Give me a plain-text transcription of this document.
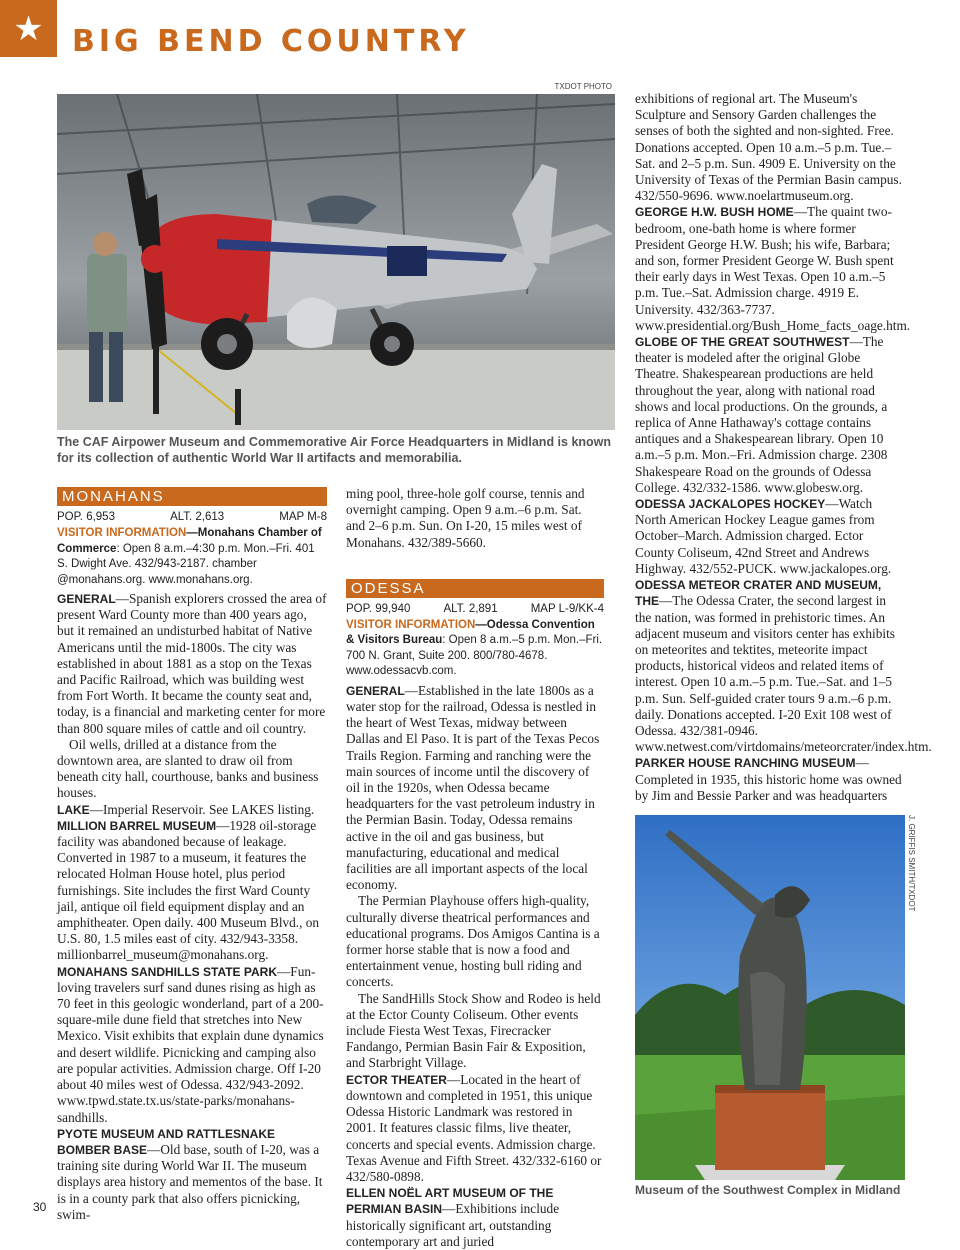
★ BIG BEND COUNTRY
TXDOT PHOTO
The CAF Airpower Museum and Commemorative Air Force Headquarters in Midland is known for its collection of authentic World War II artifacts and memorabilia.
MONAHANS
POP. 6,953	ALT. 2,613	MAP M-8
VISITOR INFORMATION—Monahans Chamber of Commerce: Open 8 a.m.–4:30 p.m. Mon.–Fri. 401 S. Dwight Ave. 432/943-2187. chamber @monahans.org. www.monahans.org.

GENERAL—Spanish explorers crossed the area of present Ward County more than 400 years ago, but it remained an undisturbed habitat of Native Americans until the mid-1800s. The city was established in about 1881 as a stop on the Texas and Pacific Railroad, which was building west from Fort Worth. It became the county seat and, today, is a financial and marketing center for more than 800 square miles of cattle and oil country.

Oil wells, drilled at a distance from the downtown area, are slanted to draw oil from beneath city hall, courthouse, banks and business houses.

LAKE—Imperial Reservoir. See LAKES listing.

MILLION BARREL MUSEUM—1928 oil-storage facility was abandoned because of leakage. Converted in 1987 to a museum, it features the relocated Holman House hotel, plus period furnishings. Site includes the first Ward County jail, antique oil field equipment display and an amphitheater. Open daily. 400 Museum Blvd., on U.S. 80, 1.5 miles east of city. 432/943-3358. millionbarrel_museum@monahans.org.

MONAHANS SANDHILLS STATE PARK—Fun-loving travelers surf sand dunes rising as high as 70 feet in this geologic wonderland, part of a 200-square-mile dune field that stretches into New Mexico. Visit exhibits that explain dune dynamics and desert wildlife. Picnicking and camping also are popular activities. Admission charge. Off I-20 about 40 miles west of Odessa. 432/943-2092. www.tpwd.state.tx.us/state-parks/monahans-sandhills.

PYOTE MUSEUM AND RATTLESNAKE BOMBER BASE—Old base, south of I-20, was a training site during World War II. The museum displays area history and mementos of the base. It is in a county park that also offers picnicking, swim-

ming pool, three-hole golf course, tennis and overnight camping. Open 9 a.m.–6 p.m. Sat. and 2–6 p.m. Sun. On I-20, 15 miles west of Monahans. 432/389-5660.

ODESSA
POP. 99,940	ALT. 2,891	MAP L-9/KK-4
VISITOR INFORMATION—Odessa Convention & Visitors Bureau: Open 8 a.m.–5 p.m. Mon.–Fri. 700 N. Grant, Suite 200. 800/780-4678. www.odessacvb.com.

GENERAL—Established in the late 1800s as a water stop for the railroad, Odessa is nestled in the heart of West Texas, midway between Dallas and El Paso. It is part of the Texas Pecos Trails Region. Farming and ranching were the main sources of income until the discovery of oil in the 1920s, when Odessa became headquarters for the vast petroleum industry in the Permian Basin. Today, Odessa remains active in the oil and gas business, but manufacturing, educational and medical facilities are all important aspects of the local economy.

The Permian Playhouse offers high-quality, culturally diverse theatrical performances and educational programs. Dos Amigos Cantina is a former horse stable that is now a food and entertainment venue, hosting bull riding and concerts.

The SandHills Stock Show and Rodeo is held at the Ector County Coliseum. Other events include Fiesta West Texas, Firecracker Fandango, Permian Basin Fair & Exposition, and Starbright Village.

ECTOR THEATER—Located in the heart of downtown and completed in 1951, this unique Odessa Historic Landmark was restored in 2001. It features classic films, live theater, concerts and special events. Admission charge. Texas Avenue and Fifth Street. 432/332-6160 or 432/580-0898.

ELLEN NOËL ART MUSEUM OF THE PERMIAN BASIN—Exhibitions include historically significant art, outstanding contemporary art and juried

exhibitions of regional art. The Museum's Sculpture and Sensory Garden challenges the senses of both the sighted and non-sighted. Free. Donations accepted. Open 10 a.m.–5 p.m. Tue.–Sat. and 2–5 p.m. Sun. 4909 E. University on the University of Texas of the Permian Basin campus. 432/550-9696. www.noelartmuseum.org.

GEORGE H.W. BUSH HOME—The quaint two-bedroom, one-bath home is where former President George H.W. Bush; his wife, Barbara; and son, former President George W. Bush spent their early days in West Texas. Open 10 a.m.–5 p.m. Tue.–Sat. Admission charge. 4919 E. University. 432/363-7737. www.presidential.org/Bush_Home_facts_oage.htm.

GLOBE OF THE GREAT SOUTHWEST—The theater is modeled after the original Globe Theatre. Shakespearean productions are held throughout the year, along with national road shows and local productions. On the grounds, a replica of Anne Hathaway's cottage contains antiques and a Shakespearean library. Open 10 a.m.–5 p.m. Mon.–Fri. Admission charge. 2308 Shakespeare Road on the grounds of Odessa College. 432/332-1586. www.globesw.org.

ODESSA JACKALOPES HOCKEY—Watch North American Hockey League games from October–March. Admission charged. Ector County Coliseum, 42nd Street and Andrews Highway. 432/552-PUCK. www.jackalopes.org.

ODESSA METEOR CRATER AND MUSEUM, THE—The Odessa Crater, the second largest in the nation, was formed in prehistoric times. An adjacent museum and visitors center has exhibits on meteorites and tektites, meteorite impact products, historical videos and related items of interest. Open 10 a.m.–5 p.m. Tue.–Sat. and 1–5 p.m. Sun. Self-guided crater tours 9 a.m.–6 p.m. daily. Donations accepted. I-20 Exit 108 west of Odessa. 432/381-0946. www.netwest.com/virtdomains/meteorcrater/index.htm.

PARKER HOUSE RANCHING MUSEUM—Completed in 1935, this historic home was owned by Jim and Bessie Parker and was headquarters

J. GRIFFIS SMITH/TXDOT
Museum of the Southwest Complex in Midland
30
